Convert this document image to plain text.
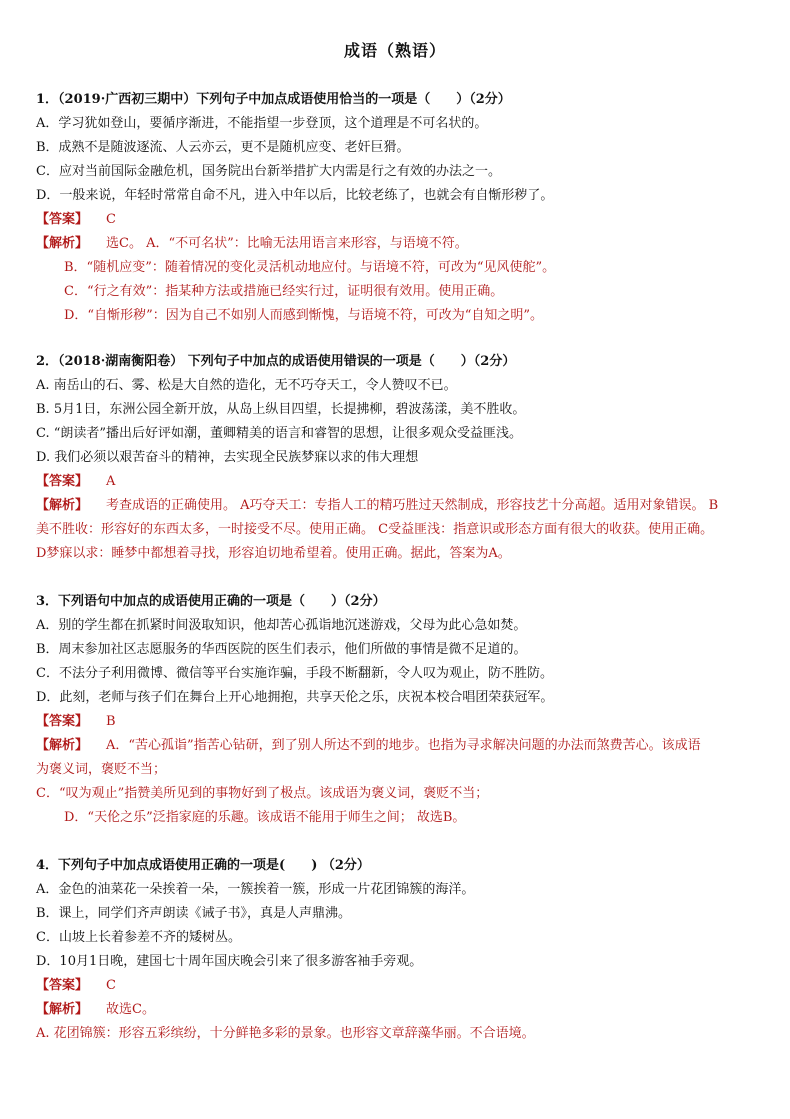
成语（熟语）
1．（2019·广西初三期中）下列句子中加点成语使用恰当的一项是（　　）（2分）
A．学习犹如登山，要循序渐进，不能指望一步登顶，这个道理是不可名状的。
B．成熟不是随波逐流、人云亦云，更不是随机应变、老奸巨猾。
C．应对当前国际金融危机，国务院出台新举措扩大内需是行之有效的办法之一。
D．一般来说，年轻时常常自命不凡，进入中年以后，比较老练了，也就会有自惭形秽了。
【答案】 C
【解析】 选C。 A．“不可名状”：比喻无法用语言来形容，与语境不符。
B．“随机应变”：随着情况的变化灵活机动地应付。与语境不符，可改为“见风使舵”。
C．“行之有效”：指某种方法或措施已经实行过，证明很有效用。使用正确。
D．“自惭形秽”：因为自己不如别人而感到惭愧，与语境不符，可改为“自知之明”。
2．（2018·湖南衡阳卷） 下列句子中加点的成语使用错误的一项是（　　）（2分）
A. 南岳山的石、雾、松是大自然的造化，无不巧夺天工，令人赞叹不已。
B. 5月1日，东洲公园全新开放，从岛上纵目四望，长提拂柳，碧波荡漾，美不胜收。
C. “朗读者”播出后好评如潮，董卿精美的语言和睿智的思想，让很多观众受益匪浅。
D. 我们必须以艰苦奋斗的精神，去实现全民族梦寐以求的伟大理想
【答案】 A
【解析】 考查成语的正确使用。 A巧夺天工：专指人工的精巧胜过天然制成，形容技艺十分高超。适用对象错误。 B
美不胜收：形容好的东西太多，一时接受不尽。使用正确。 C受益匪浅：指意识或形态方面有很大的收获。使用正确。
D梦寐以求：睡梦中都想着寻找，形容迫切地希望着。使用正确。据此，答案为A。
3．下列语句中加点的成语使用正确的一项是（　　）（2分）
A．别的学生都在抓紧时间汲取知识，他却苦心孤诣地沉迷游戏，父母为此心急如焚。
B．周末参加社区志愿服务的华西医院的医生们表示，他们所做的事情是微不足道的。
C．不法分子利用微博、微信等平台实施诈骗，手段不断翻新，令人叹为观止，防不胜防。
D．此刻，老师与孩子们在舞台上开心地拥抱，共享天伦之乐，庆祝本校合唱团荣获冠军。
【答案】 B
【解析】 A．“苦心孤诣”指苦心钻研，到了别人所达不到的地步。也指为寻求解决问题的办法而煞费苦心。该成语
为褒义词，褒贬不当；
C．“叹为观止”指赞美所见到的事物好到了极点。该成语为褒义词，褒贬不当；
D．“天伦之乐”泛指家庭的乐趣。该成语不能用于师生之间； 故选B。
4．下列句子中加点成语使用正确的一项是(　　) （2分）
A．金色的油菜花一朵挨着一朵，一簇挨着一簇，形成一片花团锦簇的海洋。
B．课上，同学们齐声朗读《诫子书》，真是人声鼎沸。
C．山坡上长着参差不齐的矮树丛。
D．10月1日晚，建国七十周年国庆晚会引来了很多游客袖手旁观。
【答案】 C
【解析】 故选C。
A. 花团锦簇：形容五彩缤纷，十分鲜艳多彩的景象。也形容文章辞藻华丽。不合语境。
